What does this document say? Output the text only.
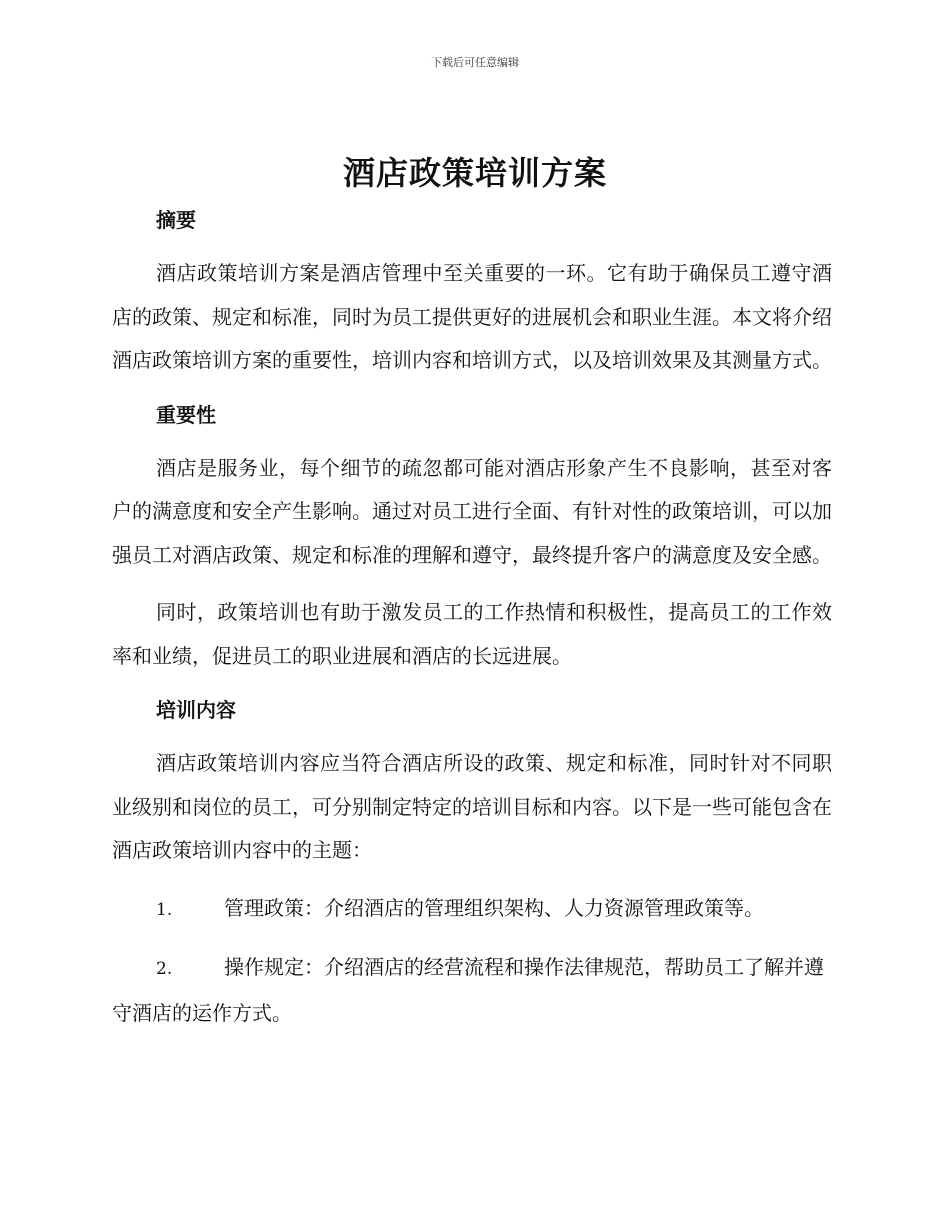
下载后可任意编辑
酒店政策培训方案
摘要

酒店政策培训方案是酒店管理中至关重要的一环。它有助于确保员工遵守酒店的政策、规定和标准，同时为员工提供更好的进展机会和职业生涯。本文将介绍酒店政策培训方案的重要性，培训内容和培训方式，以及培训效果及其测量方式。

重要性

酒店是服务业，每个细节的疏忽都可能对酒店形象产生不良影响，甚至对客户的满意度和安全产生影响。通过对员工进行全面、有针对性的政策培训，可以加强员工对酒店政策、规定和标准的理解和遵守，最终提升客户的满意度及安全感。

同时，政策培训也有助于激发员工的工作热情和积极性，提高员工的工作效率和业绩，促进员工的职业进展和酒店的长远进展。

培训内容

酒店政策培训内容应当符合酒店所设的政策、规定和标准，同时针对不同职业级别和岗位的员工，可分别制定特定的培训目标和内容。以下是一些可能包含在酒店政策培训内容中的主题：

1.	管理政策：介绍酒店的管理组织架构、人力资源管理政策等。

2.	操作规定：介绍酒店的经营流程和操作法律规范，帮助员工了解并遵守酒店的运作方式。
